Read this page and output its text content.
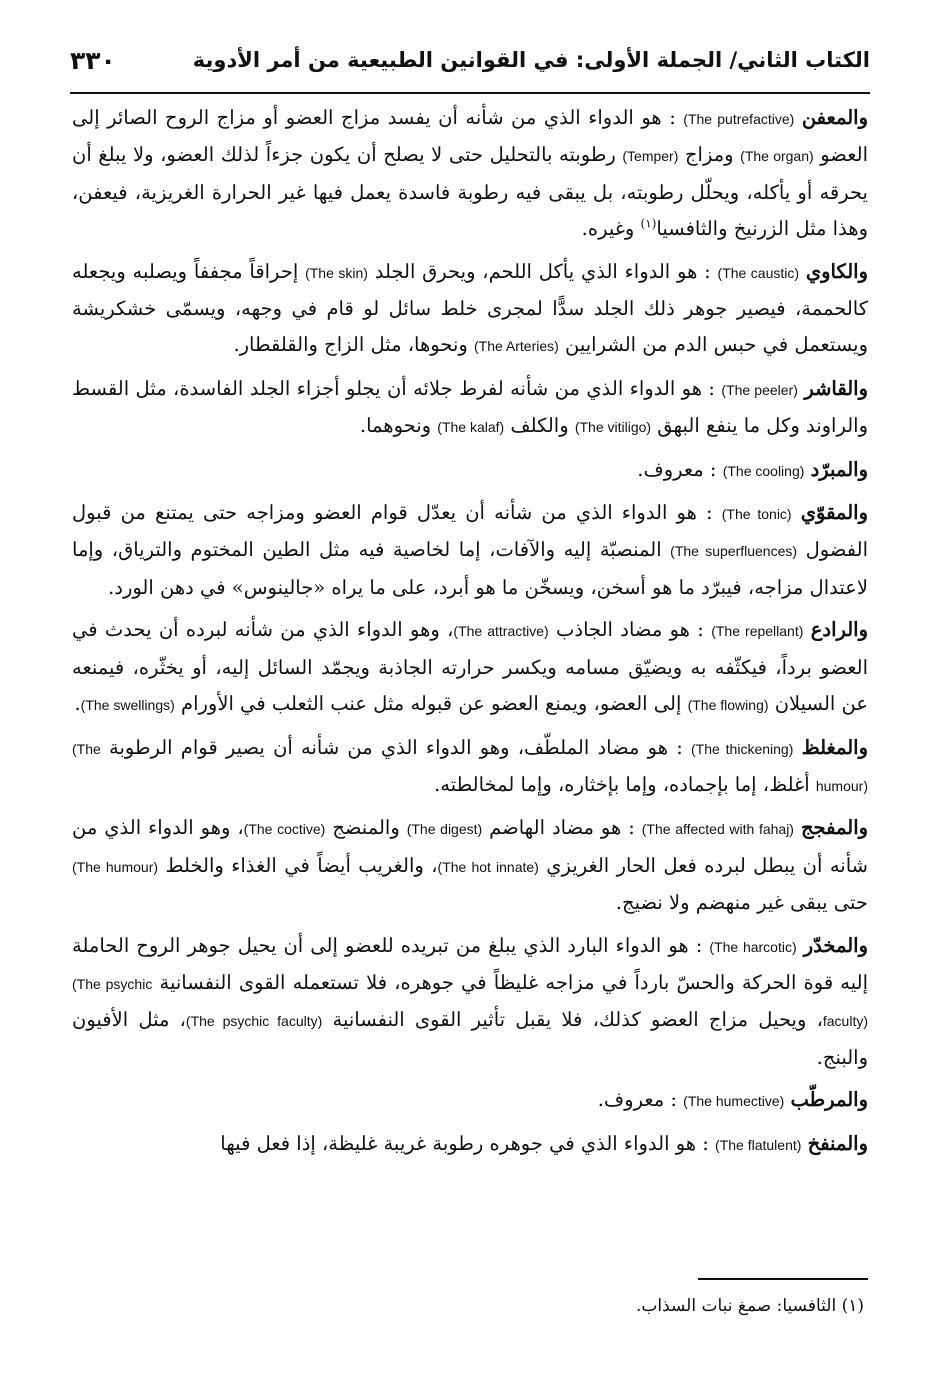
٣٣٠	الكتاب الثاني/ الجملة الأولى: في القوانين الطبيعية من أمر الأدوية

والمعفن (The putrefactive) : هو الدواء الذي من شأنه أن يفسد مزاج العضو أو مزاج الروح الصائر إلى العضو (The organ) ومزاج (Temper) رطوبته بالتحليل حتى لا يصلح أن يكون جزءاً لذلك العضو، ولا يبلغ أن يحرقه أو يأكله، ويحلّل رطوبته، بل يبقى فيه رطوبة فاسدة يعمل فيها غير الحرارة الغريزية، فيعفن، وهذا مثل الزرنيخ والثافسيا$^{(١)}$ وغيره.

والكاوي (The caustic) : هو الدواء الذي يأكل اللحم، ويحرق الجلد (The skin) إحراقاً مجففاً ويصلبه ويجعله كالحممة، فيصير جوهر ذلك الجلد سدًّا لمجرى خلط سائل لو قام في وجهه، ويسمّى خشكريشة ويستعمل في حبس الدم من الشرايين (The Arteries) ونحوها، مثل الزاج والقلقطار.

والقاشر (The peeler) : هو الدواء الذي من شأنه لفرط جلائه أن يجلو أجزاء الجلد الفاسدة، مثل القسط والراوند وكل ما ينفع البهق (The vitiligo) والكلف (The kalaf) ونحوهما.

والمبرّد (The cooling) : معروف.

والمقوّي (The tonic) : هو الدواء الذي من شأنه أن يعدّل قوام العضو ومزاجه حتى يمتنع من قبول الفضول (The superfluences) المنصبّة إليه والآفات، إما لخاصية فيه مثل الطين المختوم والترياق، وإما لاعتدال مزاجه، فيبرّد ما هو أسخن، ويسخّن ما هو أبرد، على ما يراه «جالينوس» في دهن الورد.

والرادع (The repellant) : هو مضاد الجاذب (The attractive)، وهو الدواء الذي من شأنه لبرده أن يحدث في العضو برداً، فيكثّفه به ويضيّق مسامه ويكسر حرارته الجاذبة ويجمّد السائل إليه، أو يخثّره، فيمنعه عن السيلان (The flowing) إلى العضو، ويمنع العضو عن قبوله مثل عنب الثعلب في الأورام (The swellings).

والمغلظ (The thickening) : هو مضاد الملطّف، وهو الدواء الذي من شأنه أن يصير قوام الرطوبة (The humour) أغلظ، إما بإجماده، وإما بإخثاره، وإما لمخالطته.

والمفجج (The affected with fahaj) : هو مضاد الهاضم (The digest) والمنضج (The coctive)، وهو الدواء الذي من شأنه أن يبطل لبرده فعل الحار الغريزي (The hot innate)، والغريب أيضاً في الغذاء والخلط (The humour) حتى يبقى غير منهضم ولا نضيج.

والمخدّر (The harcotic) : هو الدواء البارد الذي يبلغ من تبريده للعضو إلى أن يحيل جوهر الروح الحاملة إليه قوة الحركة والحسّ بارداً في مزاجه غليظاً في جوهره، فلا تستعمله القوى النفسانية (The psychic faculty)، ويحيل مزاج العضو كذلك، فلا يقبل تأثير القوى النفسانية (The psychic faculty)، مثل الأفيون والبنج.

والمرطّب (The humective) : معروف.

والمنفخ (The flatulent) : هو الدواء الذي في جوهره رطوبة غريبة غليظة، إذا فعل فيها

(١) الثافسيا: صمغ نبات السذاب.
